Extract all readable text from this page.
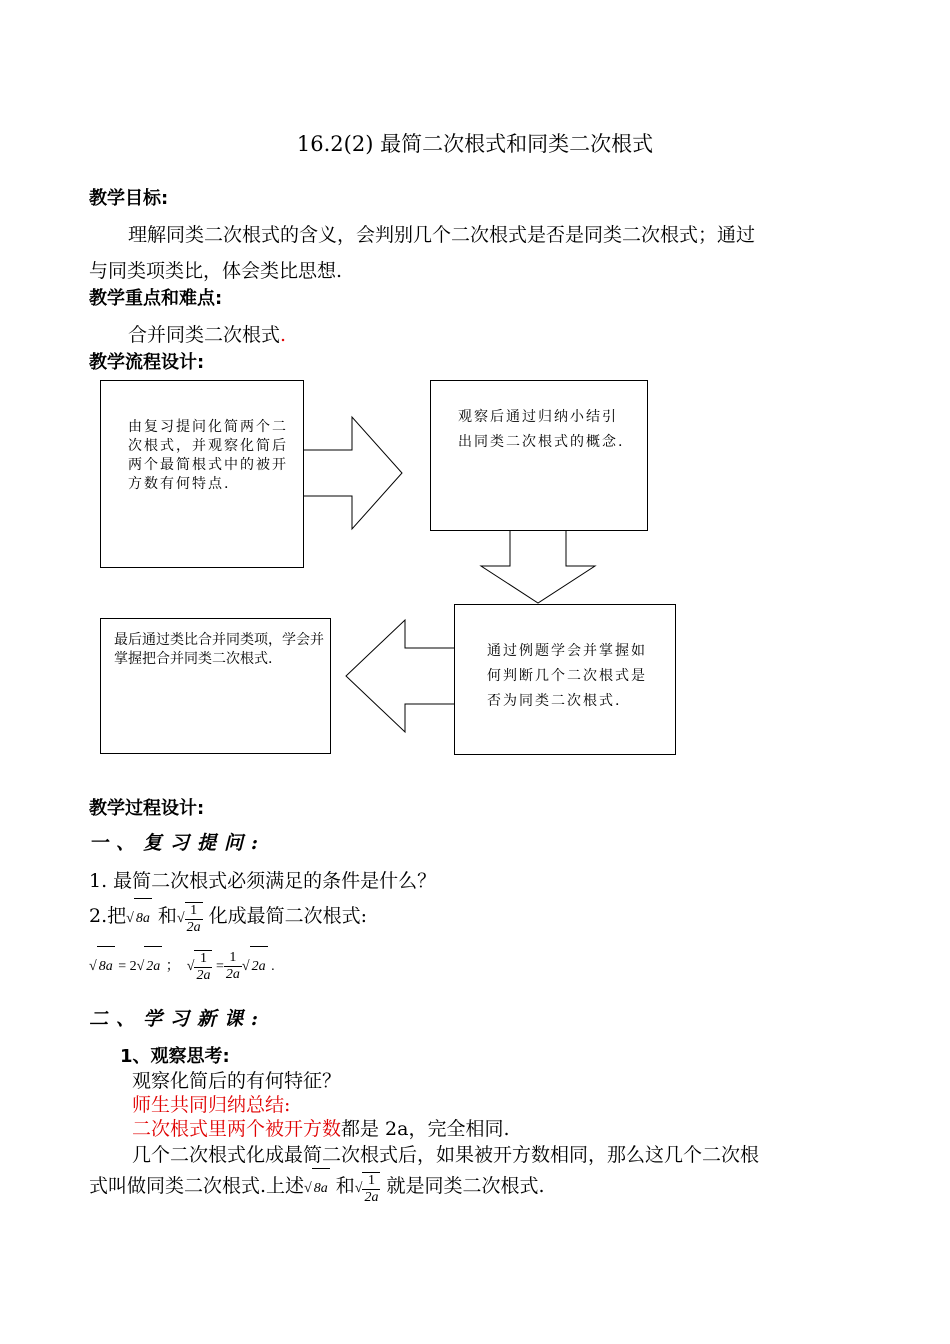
16.2(2) 最简二次根式和同类二次根式
教学目标:
理解同类二次根式的含义，会判别几个二次根式是否是同类二次根式；通过
与同类项类比，体会类比思想.
教学重点和难点:
合并同类二次根式.
教学流程设计:
由复习提问化简两个二次根式，并观察化简后两个最简根式中的被开方数有何特点.
观察后通过归纳小结引出同类二次根式的概念.
通过例题学会并掌握如何判断几个二次根式是否为同类二次根式.
最后通过类比合并同类项，学会并掌握把合并同类二次根式.
教学过程设计:
一、复习提问:
1. 最简二次根式必须满足的条件是什么？
2.把√ 8a 和√ $\frac{1}{2a}$ 化成最简二次根式:
√ 8a = 2√ 2a ；  √ $\frac{1}{2a} = \frac{1}{2a}$ √ 2a .
二、学习新课:
1、观察思考:
观察化简后的有何特征？
师生共同归纳总结:
二次根式里两个被开方数都是 2a，完全相同.
几个二次根式化成最简二次根式后，如果被开方数相同，那么这几个二次根
式叫做同类二次根式.上述√ 8a 和√ $\frac{1}{2a}$ 就是同类二次根式.
